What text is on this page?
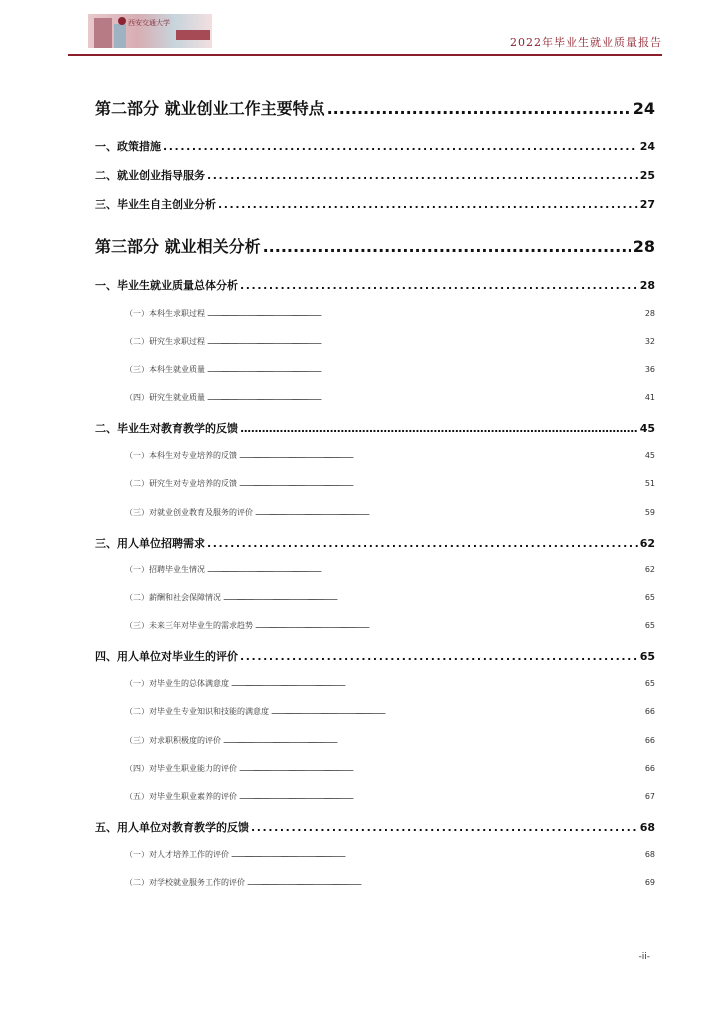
西安交通大学
2022年毕业生就业质量报告
第二部分 就业创业工作主要特点 .....	24
一、政策措施 .....	24
二、就业创业指导服务 .....	25
三、毕业生自主创业分析 .....	27
第三部分 就业相关分析 .....	28
一、毕业生就业质量总体分析 .....	28
（一）本科生求职过程 .....	28
（二）研究生求职过程 .....	32
（三）本科生就业质量 .....	36
（四）研究生就业质量 .....	41
二、毕业生对教育教学的反馈 .....	45
（一）本科生对专业培养的反馈 .....	45
（二）研究生对专业培养的反馈 .....	51
（三）对就业创业教育及服务的评价 .....	59
三、用人单位招聘需求 .....	62
（一）招聘毕业生情况 .....	62
（二）薪酬和社会保障情况 .....	65
（三）未来三年对毕业生的需求趋势 .....	65
四、用人单位对毕业生的评价 .....	65
（一）对毕业生的总体满意度 .....	65
（二）对毕业生专业知识和技能的满意度 .....	66
（三）对求职积极度的评价 .....	66
（四）对毕业生职业能力的评价 .....	66
（五）对毕业生职业素养的评价 .....	67
五、用人单位对教育教学的反馈 .....	68
（一）对人才培养工作的评价 .....	68
（二）对学校就业服务工作的评价 .....	69
-ii-
